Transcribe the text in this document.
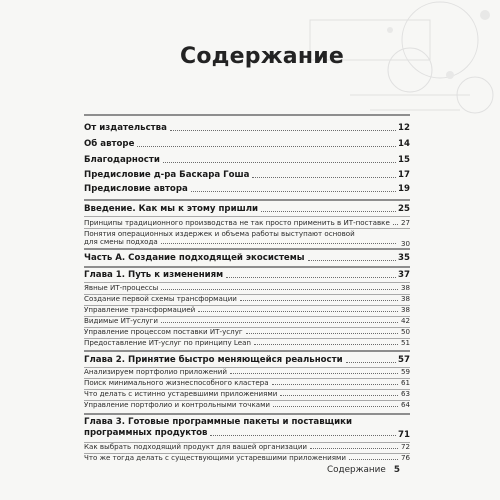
Содержание
От издательства	12
Об авторе	14
Благодарности	15
Предисловие д-ра Баскара Гоша	17
Предисловие автора	19
Введение. Как мы к этому пришли	25
Принципы традиционного производства не так просто применить в ИТ-поставке 27
Понятия операционных издержек и объема работы выступают основой
для смены подхода	30
Часть А. Создание подходящей экосистемы	35
Глава 1. Путь к изменениям	37
Явные ИТ-процессы	38
Создание первой схемы трансформации	38
Управление трансформацией	38
Видимые ИТ-услуги	42
Управление процессом поставки ИТ-услуг	50
Предоставление ИТ-услуг по принципу Lean	51
Глава 2. Принятие быстро меняющейся реальности	57
Анализируем портфолио приложений	59
Поиск минимального жизнеспособного кластера	61
Что делать с истинно устаревшими приложениями	63
Управление портфолио и контрольными точками	64
Глава 3. Готовые программные пакеты и поставщики
программных продуктов	71
Как выбрать подходящий продукт для вашей организации	72
Что же тогда делать с существующими устаревшими приложениями	76
Содержание 5
